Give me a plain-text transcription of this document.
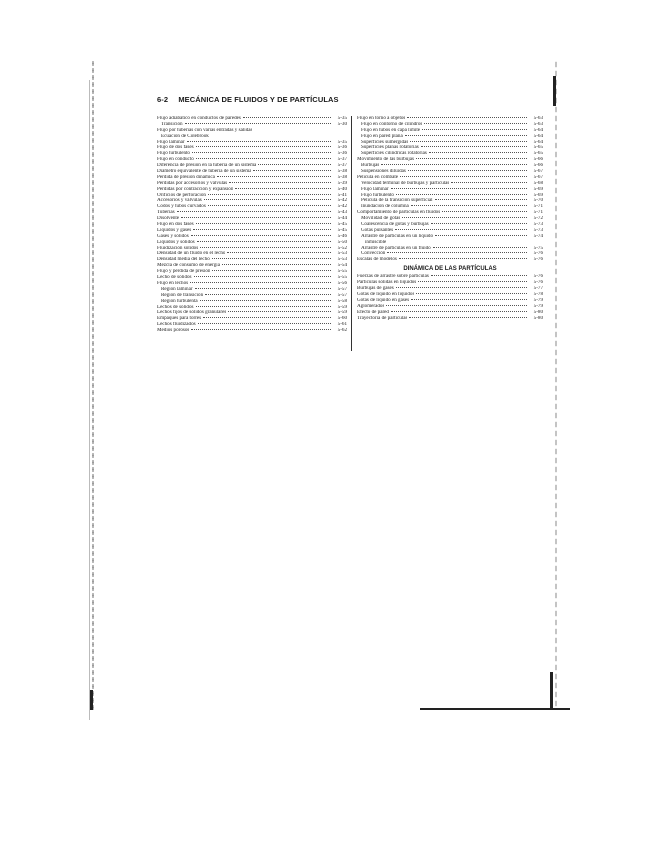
6-2 MECÁNICA DE FLUIDOS Y DE PARTÍCULAS
Flujo adiabático en conductos de paredes	5-35
Transición	5-30
Flujo por tuberías con varias entradas y salidas
Ecuación de Colebrook
Flujo laminar	5-35
Flujo de dos fases	5-36
Flujo turbulento	5-36
Flujo en conducto	5-37
Diferencia de presión en la tubería de un sistema	5-37
Diámetro equivalente de tubería de un sistema	5-38
Pérdida de presión dinámica	5-38
Pérdidas por accesorios y válvulas	5-39
Pérdidas por contracción y expansión	5-40
Orificios de perforación	5-41
Accesorios y válvulas	5-42
Codos y tubos curvados	5-42
Tuberías	5-43
Disolvente	5-44
Flujo en dos fases	5-45
Líquidos y gases	5-45
Gases y sólidos	5-46
Líquidos y sólidos	5-50
Fluidización sólidos	5-52
Densidad de un fluido en el lecho	5-53
Densidad media del lecho	5-53
Mezcla de consumo de energía	5-54
Flujo y pérdida de presión	5-55
Lecho de sólidos	5-55
Flujo en lechos	5-56
Región laminar	5-57
Región de transición	5-57
Región turbulenta	5-58
Lechos de sólidos	5-59
Lechos fijos de sólidos granulares	5-59
Empaques para torres	5-60
Lechos fluidizados	5-61
Medios porosos	5-62
Flujo en torno a objetos	5-63
Flujo en contorno de cilindros	5-63
Flujo en tubos en capa límite	5-64
Flujo en pared plana	5-64
Superficies sumergidas	5-64
Superficies planas rotatorias	5-65
Superficies cilíndricas rotatorias	5-65
Movimiento de las burbujas	5-66
Burbujas	5-66
Suspensiones diluidas	5-67
Película en combate	5-67
Velocidad terminal de burbujas y partículas	5-68
Flujo laminar	5-69
Flujo turbulento	5-69
Película de la transición superficial	5-70
Inundación de columna	5-71
Comportamiento de partículas en fluidos	5-71
Movilidad de gotas	5-72
Coalescencia de gotas y burbujas	5-73
Gotas pulsantes	5-73
Arrastre de partículas en un líquido	5-74
inmiscible
Arrastre de partículas en un fluido	5-75
Convección	5-76
Escalas de modelos	5-76
DINÁMICA DE LAS PARTÍCULAS
Fuerzas de arrastre sobre partículas	5-76
Partículas sólidas en líquidos	5-76
Burbujas de gases	5-77
Gotas de líquido en líquidos	5-78
Gotas de líquido en gases	5-79
Aglomerados	5-79
Efecto de pared	5-80
Trayectoria de partículas	5-80
